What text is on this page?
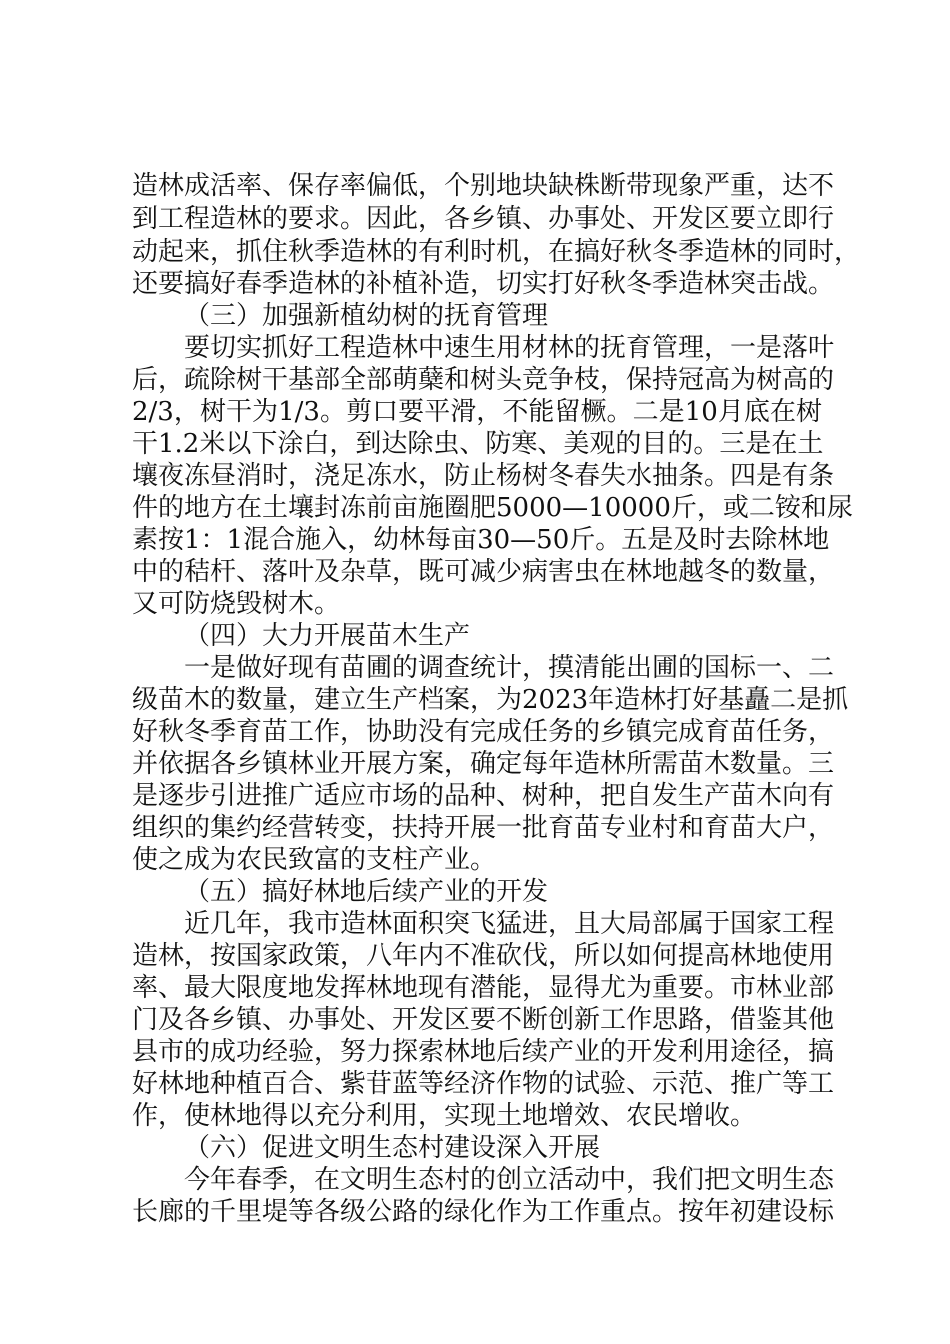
造林成活率、保存率偏低，个别地块缺株断带现象严重，达不
到工程造林的要求。因此，各乡镇、办事处、开发区要立即行
动起来，抓住秋季造林的有利时机，在搞好秋冬季造林的同时，
还要搞好春季造林的补植补造，切实打好秋冬季造林突击战。
（三）加强新植幼树的抚育管理
要切实抓好工程造林中速生用材林的抚育管理，一是落叶
后，疏除树干基部全部萌蘖和树头竞争枝，保持冠高为树高的
2/3，树干为1/3。剪口要平滑，不能留橛。二是10月底在树
干1.2米以下涂白，到达除虫、防寒、美观的目的。三是在土
壤夜冻昼消时，浇足冻水，防止杨树冬春失水抽条。四是有条
件的地方在土壤封冻前亩施圈肥5000—10000斤，或二铵和尿
素按1：1混合施入，幼林每亩30—50斤。五是及时去除林地
中的秸杆、落叶及杂草，既可减少病害虫在林地越冬的数量，
又可防烧毁树木。
（四）大力开展苗木生产
一是做好现有苗圃的调查统计，摸清能出圃的国标一、二
级苗木的数量，建立生产档案，为2023年造林打好基矗二是抓
好秋冬季育苗工作，协助没有完成任务的乡镇完成育苗任务，
并依据各乡镇林业开展方案，确定每年造林所需苗木数量。三
是逐步引进推广适应市场的品种、树种，把自发生产苗木向有
组织的集约经营转变，扶持开展一批育苗专业村和育苗大户，
使之成为农民致富的支柱产业。
（五）搞好林地后续产业的开发
近几年，我市造林面积突飞猛进，且大局部属于国家工程
造林，按国家政策，八年内不准砍伐，所以如何提高林地使用
率、最大限度地发挥林地现有潜能，显得尤为重要。市林业部
门及各乡镇、办事处、开发区要不断创新工作思路，借鉴其他
县市的成功经验，努力探索林地后续产业的开发利用途径，搞
好林地种植百合、紫苷蓝等经济作物的试验、示范、推广等工
作，使林地得以充分利用，实现土地增效、农民增收。
（六）促进文明生态村建设深入开展
今年春季，在文明生态村的创立活动中，我们把文明生态
长廊的千里堤等各级公路的绿化作为工作重点。按年初建设标
